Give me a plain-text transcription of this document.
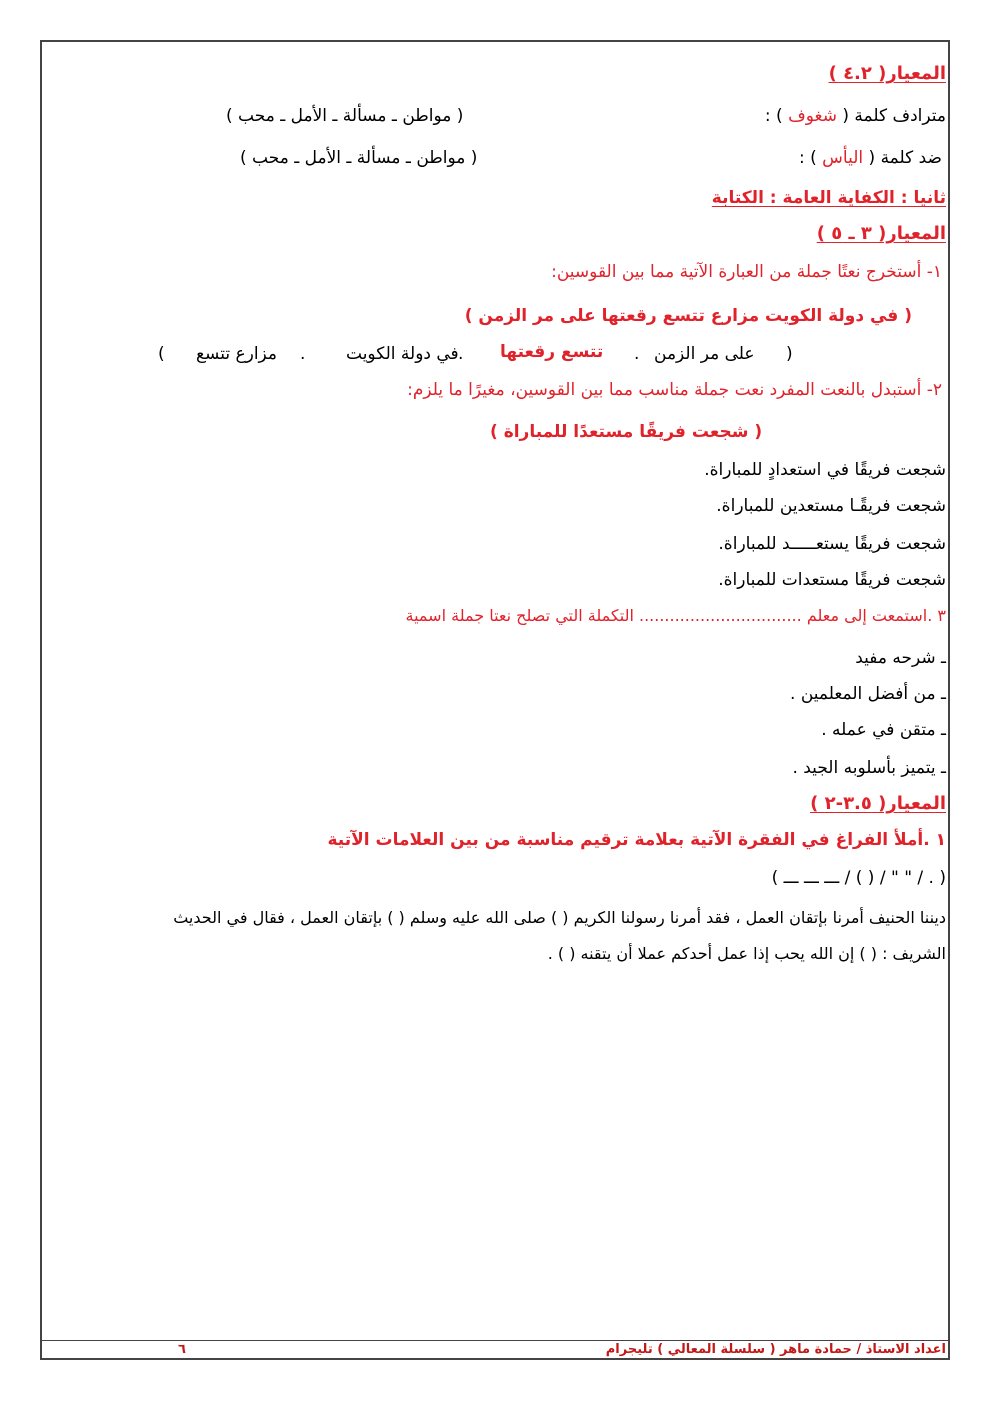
المعيار( ٤.٢ )
مترادف كلمة ( شغوف ) :
( مواطن ـ مسألة ـ الأمل ـ محب )
ضد كلمة ( اليأس ) :
( مواطن ـ مسألة ـ الأمل ـ محب )
ثانيا : الكفاية العامة : الكتابة
المعيار( ٣ ـ ٥ )
١- أستخرج نعتًا جملة من العبارة الآتية مما بين القوسين:
( في دولة الكويت مزارع تتسع رقعتها على مر الزمن )
(
على مر الزمن
.
تتسع رقعتها
.
في دولة الكويت
.
مزارع تتسع
)
٢- أستبدل بالنعت المفرد نعت جملة مناسب مما بين القوسين، مغيرًا ما يلزم:
( شجعت فريقًا مستعدًا للمباراة )
شجعت فريقًا في استعدادٍ للمباراة.
شجعت فريقًـا مستعدين للمباراة.
شجعت فريقًا يستعـــــد للمباراة.
شجعت فريقًا مستعدات للمباراة.
٣ .استمعت إلى معلم ................................ التكملة التي تصلح نعتا جملة اسمية
ـ شرحه مفيد
ـ من أفضل المعلمين .
ـ متقن في عمله .
ـ يتميز بأسلوبه الجيد .
المعيار( ٣.٥-٢ )
١ .أملأ الفراغ في الفقرة الآتية بعلامة ترقيم مناسبة من بين العلامات الآتية
( . / " " / ( ) / ـــ ـــ ـــ )
ديننا الحنيف أمرنا بإتقان العمل ، فقد أمرنا رسولنا الكريم ( ) صلى الله عليه وسلم ( ) بإتقان العمل ، فقال في الحديث
الشريف : ( ) إن الله يحب إذا عمل أحدكم عملا أن يتقنه ( ) .
اعداد الاستاذ / حمادة ماهر ( سلسلة المعالي ) تليجرام
٦
